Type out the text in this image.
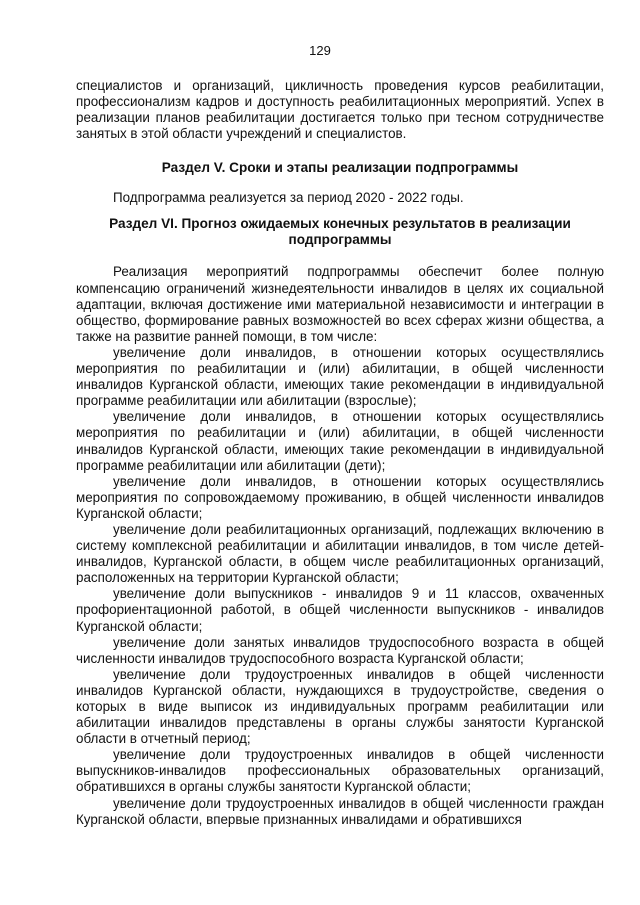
129

специалистов и организаций, цикличность проведения курсов реабилитации, профессионализм кадров и доступность реабилитационных мероприятий. Успех в реализации планов реабилитации достигается только при тесном сотрудничестве занятых в этой области учреждений и специалистов.

Раздел V. Сроки и этапы реализации подпрограммы

Подпрограмма реализуется за период 2020 - 2022 годы.

Раздел VI. Прогноз ожидаемых конечных результатов в реализации подпрограммы

Реализация мероприятий подпрограммы обеспечит более полную компенсацию ограничений жизнедеятельности инвалидов в целях их социальной адаптации, включая достижение ими материальной независимости и интеграции в общество, формирование равных возможностей во всех сферах жизни общества, а также на развитие ранней помощи, в том числе:

увеличение доли инвалидов, в отношении которых осуществлялись мероприятия по реабилитации и (или) абилитации, в общей численности инвалидов Курганской области, имеющих такие рекомендации в индивидуальной программе реабилитации или абилитации (взрослые);

увеличение доли инвалидов, в отношении которых осуществлялись мероприятия по реабилитации и (или) абилитации, в общей численности инвалидов Курганской области, имеющих такие рекомендации в индивидуальной программе реабилитации или абилитации (дети);

увеличение доли инвалидов, в отношении которых осуществлялись мероприятия по сопровождаемому проживанию, в общей численности инвалидов Курганской области;

увеличение доли реабилитационных организаций, подлежащих включению в систему комплексной реабилитации и абилитации инвалидов, в том числе детей-инвалидов, Курганской области, в общем числе реабилитационных организаций, расположенных на территории Курганской области;

увеличение доли выпускников - инвалидов 9 и 11 классов, охваченных профориентационной работой, в общей численности выпускников - инвалидов Курганской области;

увеличение доли занятых инвалидов трудоспособного возраста в общей численности инвалидов трудоспособного возраста Курганской области;

увеличение доли трудоустроенных инвалидов в общей численности инвалидов Курганской области, нуждающихся в трудоустройстве, сведения о которых в виде выписок из индивидуальных программ реабилитации или абилитации инвалидов представлены в органы службы занятости Курганской области в отчетный период;

увеличение доли трудоустроенных инвалидов в общей численности выпускников-инвалидов профессиональных образовательных организаций, обратившихся в органы службы занятости Курганской области;

увеличение доли трудоустроенных инвалидов в общей численности граждан Курганской области, впервые признанных инвалидами и обратившихся
